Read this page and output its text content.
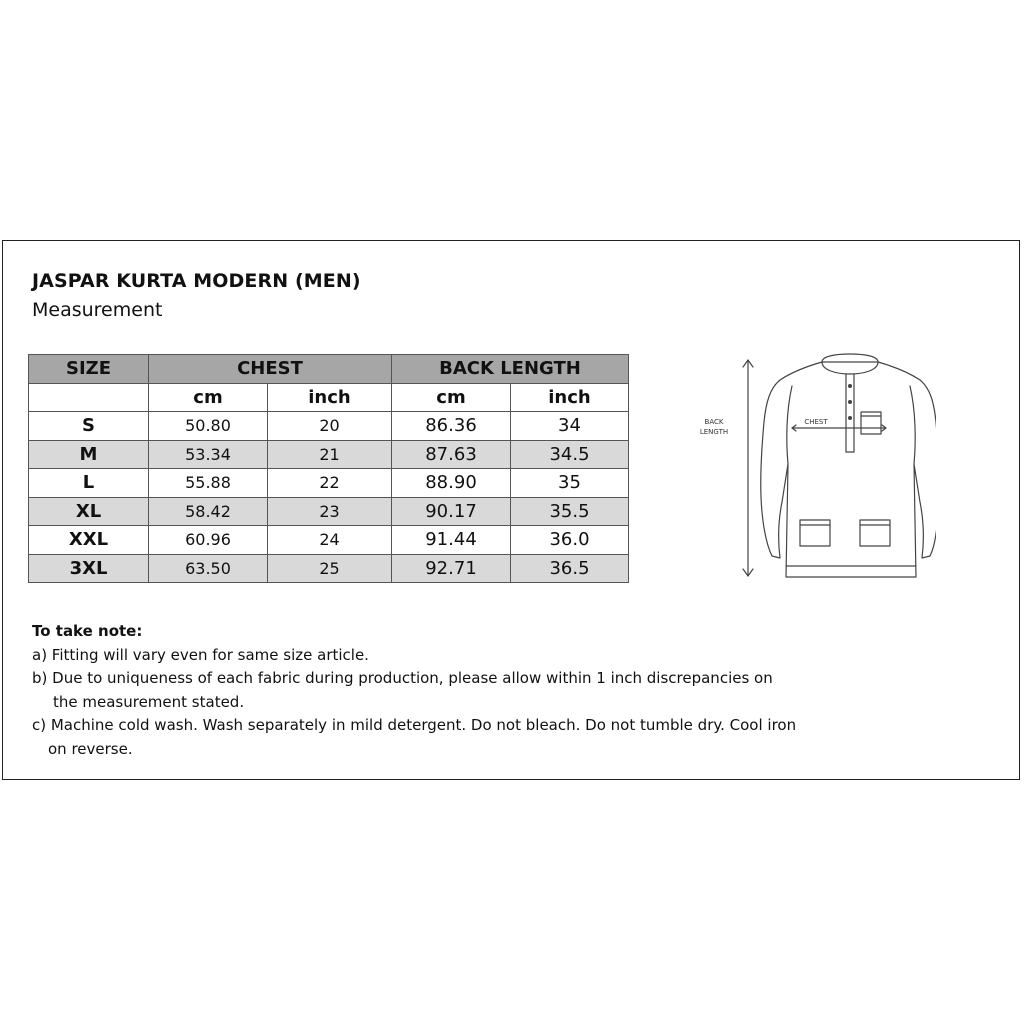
JASPAR KURTA MODERN (MEN)
Measurement
SIZE	CHEST		BACK LENGTH	
	cm	inch	cm	inch
S	50.80	20	86.36	34
M	53.34	21	87.63	34.5
L	55.88	22	88.90	35
XL	58.42	23	90.17	35.5
XXL	60.96	24	91.44	36.0
3XL	63.50	25	92.71	36.5
CHEST
BACK
LENGTH
To take note:
a) Fitting will vary even for same size article.
b) Due to uniqueness of each fabric during production, please allow within 1 inch discrepancies on
the measurement stated.
c) Machine cold wash. Wash separately in mild detergent. Do not bleach. Do not tumble dry. Cool iron
on reverse.
